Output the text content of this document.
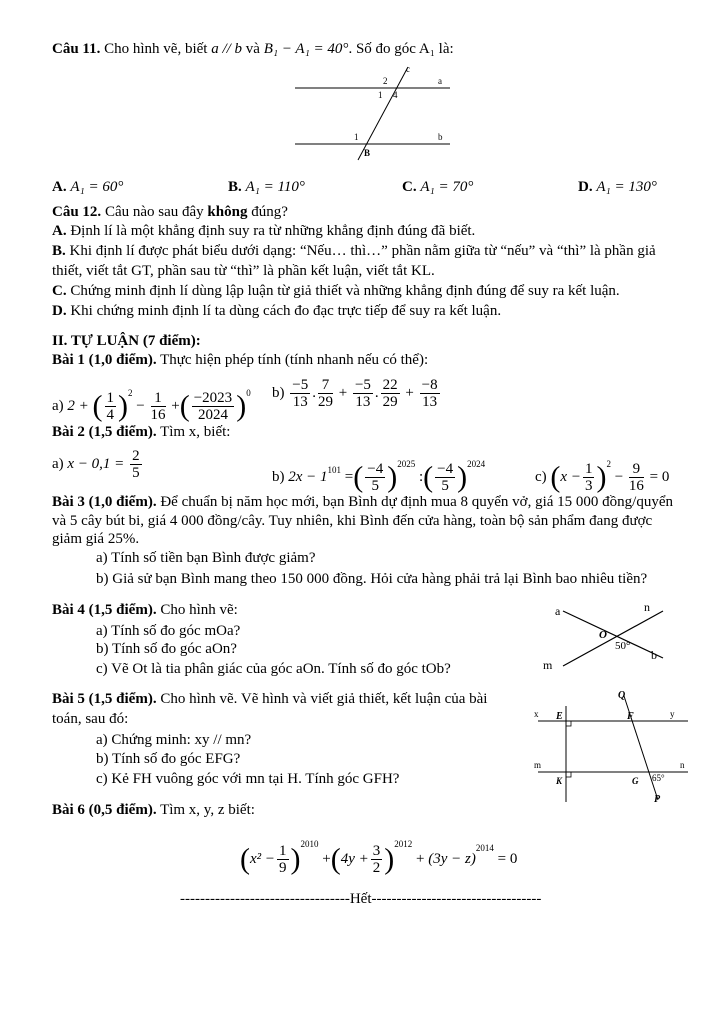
Câu 11. Cho hình vẽ, biết a // b và B₁ − A₁ = 40°. Số đo góc A₁ là:
a
b
c
2
1 4
1
B
A. A₁ = 60°	B. A₁ = 110°	C. A₁ = 70°	D. A₁ = 130°
Câu 12. Câu nào sau đây không đúng?
A. Định lí là một khẳng định suy ra từ những khẳng định đúng đã biết.
B. Khi định lí được phát biểu dưới dạng: “Nếu… thì…” phần nằm giữa từ “nếu” và “thì” là phần giả
thiết, viết tắt GT, phần sau từ “thì” là phần kết luận, viết tắt KL.
C. Chứng minh định lí dùng lập luận từ giả thiết và những khẳng định đúng để suy ra kết luận.
D. Khi chứng minh định lí ta dùng cách đo đạc trực tiếp để suy ra kết luận.
II. TỰ LUẬN (7 điểm):
Bài 1 (1,0 điểm). Thực hiện phép tính (tính nhanh nếu có thể):
a) 2 + ( $\frac{1}{4} )^2 - \frac{1}{16}$ +( $\frac{-2023}{2024} )^0$ $b) \frac{-5}{13}$ . $\frac{7}{29} + \frac{-5}{13}$ . $\frac{22}{29} + \frac{-8}{13}$
Bài 2 (1,5 điểm). Tìm x, biết:
a) $x - 0,1 = \frac{2}{5}$	b) $2x - 1^{101}$ =( $\frac{-4}{5} )^{2025}$ :( $\frac{-4}{5} )^{2024}$
c) $(x - \frac{1}{3} )^2 - \frac{9}{16} = 0$
Bài 3 (1,0 điểm). Để chuẩn bị năm học mới, bạn Bình dự định mua 8 quyển vở, giá 15 000 đồng/quyển
và 5 cây bút bi, giá 4 000 đồng/cây. Tuy nhiên, khi Bình đến cửa hàng, toàn bộ sản phẩm đang được
giảm giá 25%.
a) Tính số tiền bạn Bình được giảm?
b) Giả sử bạn Bình mang theo 150 000 đồng. Hỏi cửa hàng phải trả lại Bình bao nhiêu tiền?
Bài 4 (1,5 điểm). Cho hình vẽ:
a) Tính số đo góc mOa?
b) Tính số đo góc aOn?
c) Vẽ Ot là tia phân giác của góc aOn. Tính số đo góc tOb?
a	n
O
50°
b
m
Bài 5 (1,5 điểm). Cho hình vẽ. Vẽ hình và viết giả thiết, kết luận của bài
toán, sau đó:
a) Chứng minh: xy // mn?
b) Tính số đo góc EFG?
c) Kẻ FH vuông góc với mn tại H. Tính góc GFH?
Q
x E	F	y
m
K	G 65°
n
P
Bài 6 (0,5 điểm). Tìm x, y, z biết:
$(x^2 - \frac{1}{9} )^{2010} +(4y + \frac{3}{2} )^{2012} + (3y - z)^{2014} = 0$
----------------------------------Hết----------------------------------
